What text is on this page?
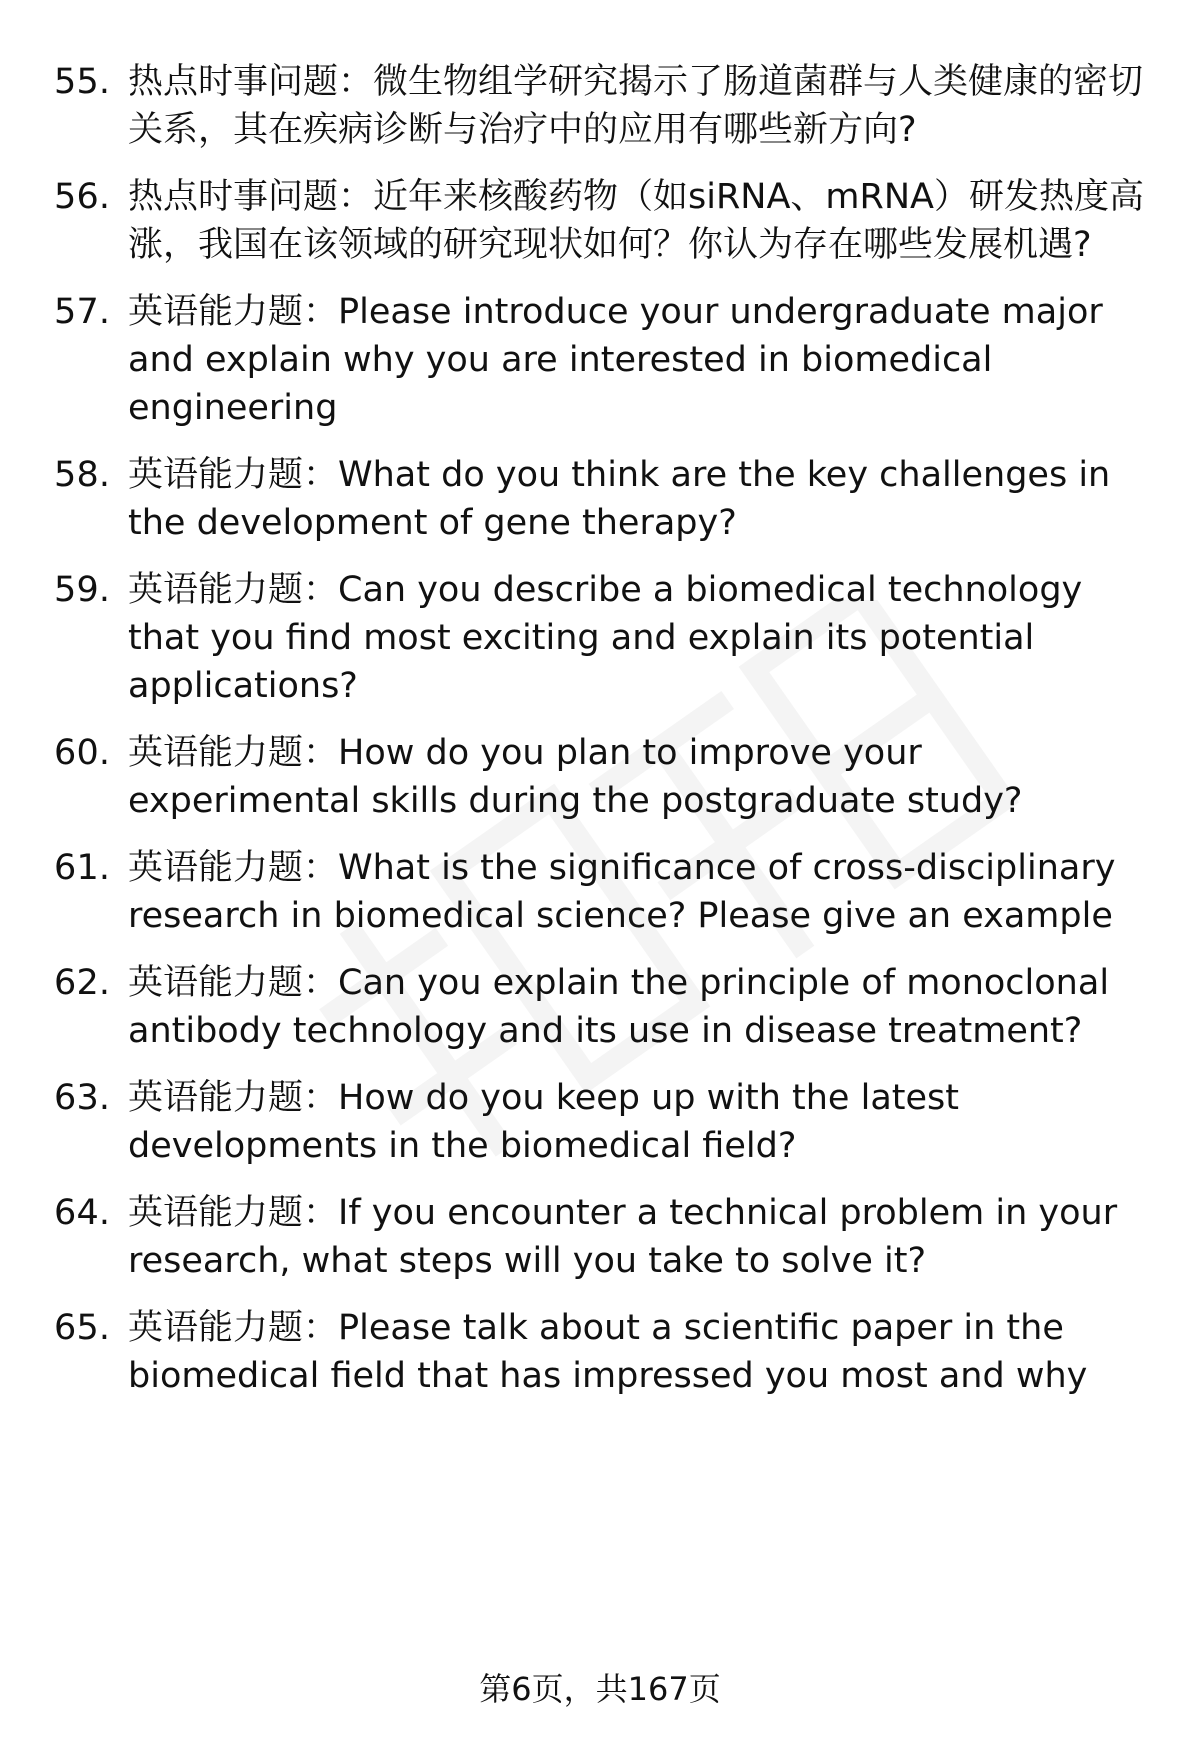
55. 热点时事问题：微生物组学研究揭示了肠道菌群与人类健康的密切关系，其在疾病诊断与治疗中的应用有哪些新方向?
56. 热点时事问题：近年来核酸药物（如siRNA、mRNA）研发热度高涨，我国在该领域的研究现状如何？你认为存在哪些发展机遇?
57. 英语能力题：Please introduce your undergraduate major and explain why you are interested in biomedical engineering
58. 英语能力题：What do you think are the key challenges in the development of gene therapy?
59. 英语能力题：Can you describe a biomedical technology that you find most exciting and explain its potential applications?
60. 英语能力题：How do you plan to improve your experimental skills during the postgraduate study?
61. 英语能力题：What is the significance of cross-disciplinary research in biomedical science? Please give an example
62. 英语能力题：Can you explain the principle of monoclonal antibody technology and its use in disease treatment?
63. 英语能力题：How do you keep up with the latest developments in the biomedical field?
64. 英语能力题：If you encounter a technical problem in your research, what steps will you take to solve it?
65. 英语能力题：Please talk about a scientific paper in the biomedical field that has impressed you most and why
第6页，共167页
